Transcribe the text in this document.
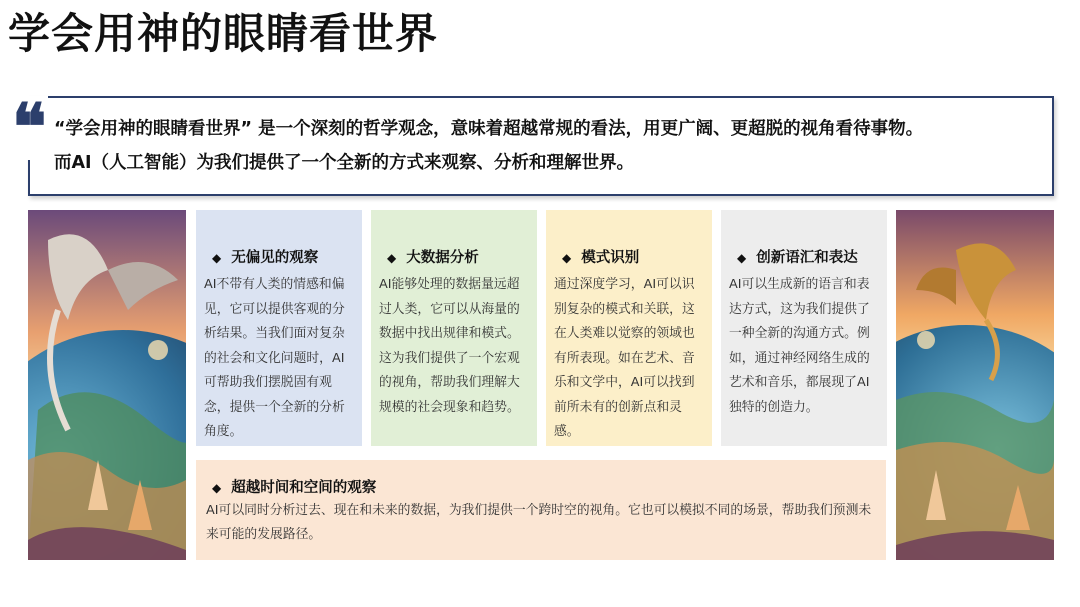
学会用神的眼睛看世界
“学会用神的眼睛看世界” 是一个深刻的哲学观念，意味着超越常规的看法，用更广阔、更超脱的视角看待事物。
而AI（人工智能）为我们提供了一个全新的方式来观察、分析和理解世界。
❝
◆ 无偏见的观察

AI不带有人类的情感和偏见，它可以提供客观的分析结果。当我们面对复杂的社会和文化问题时，AI可帮助我们摆脱固有观念，提供一个全新的分析角度。

◆ 大数据分析

AI能够处理的数据量远超过人类，它可以从海量的数据中找出规律和模式。这为我们提供了一个宏观的视角，帮助我们理解大规模的社会现象和趋势。

◆ 模式识别

通过深度学习，AI可以识别复杂的模式和关联，这在人类难以觉察的领域也有所表现。如在艺术、音乐和文学中，AI可以找到前所未有的创新点和灵感。

◆ 创新语汇和表达

AI可以生成新的语言和表达方式，这为我们提供了一种全新的沟通方式。例如，通过神经网络生成的艺术和音乐，都展现了AI独特的创造力。

◆ 超越时间和空间的观察

AI可以同时分析过去、现在和未来的数据，为我们提供一个跨时空的视角。它也可以模拟不同的场景，帮助我们预测未来可能的发展路径。
